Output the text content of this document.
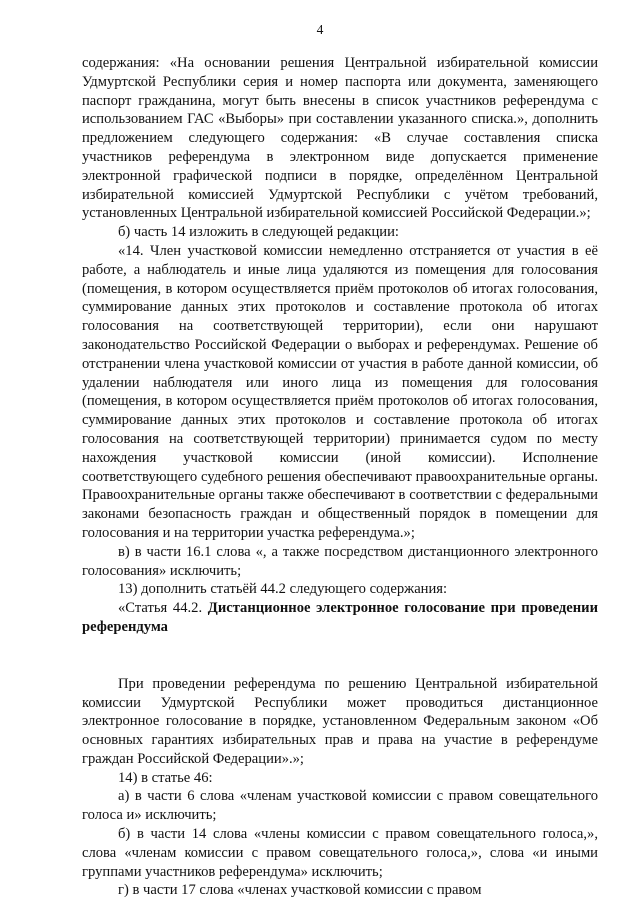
4

содержания: «На основании решения Центральной избирательной комиссии Удмуртской Республики серия и номер паспорта или документа, заменяющего паспорт гражданина, могут быть внесены в список участников референдума с использованием ГАС «Выборы» при составлении указанного списка.», дополнить предложением следующего содержания: «В случае составления списка участников референдума в электронном виде допускается применение электронной графической подписи в порядке, определённом Центральной избирательной комиссией Удмуртской Республики с учётом требований, установленных Центральной избирательной комиссией Российской Федерации.»;

б) часть 14 изложить в следующей редакции:

«14. Член участковой комиссии немедленно отстраняется от участия в её работе, а наблюдатель и иные лица удаляются из помещения для голосования (помещения, в котором осуществляется приём протоколов об итогах голосования, суммирование данных этих протоколов и составление протокола об итогах голосования на соответствующей территории), если они нарушают законодательство Российской Федерации о выборах и референдумах. Решение об отстранении члена участковой комиссии от участия в работе данной комиссии, об удалении наблюдателя или иного лица из помещения для голосования (помещения, в котором осуществляется приём протоколов об итогах голосования, суммирование данных этих протоколов и составление протокола об итогах голосования на соответствующей территории) принимается судом по месту нахождения участковой комиссии (иной комиссии). Исполнение соответствующего судебного решения обеспечивают правоохранительные органы. Правоохранительные органы также обеспечивают в соответствии с федеральными законами безопасность граждан и общественный порядок в помещении для голосования и на территории участка референдума.»;

в) в части 16.1 слова «, а также посредством дистанционного электронного голосования» исключить;

13) дополнить статьёй 44.2 следующего содержания:

«Статья 44.2. Дистанционное электронное голосование при проведении референдума

При проведении референдума по решению Центральной избирательной комиссии Удмуртской Республики может проводиться дистанционное электронное голосование в порядке, установленном Федеральным законом «Об основных гарантиях избирательных прав и права на участие в референдуме граждан Российской Федерации».»;

14) в статье 46:

а) в части 6 слова «членам участковой комиссии с правом совещательного голоса и» исключить;

б) в части 14 слова «члены комиссии с правом совещательного голоса,», слова «членам комиссии с правом совещательного голоса,», слова «и иными группами участников референдума» исключить;

г) в части 17 слова «членах участковой комиссии с правом
